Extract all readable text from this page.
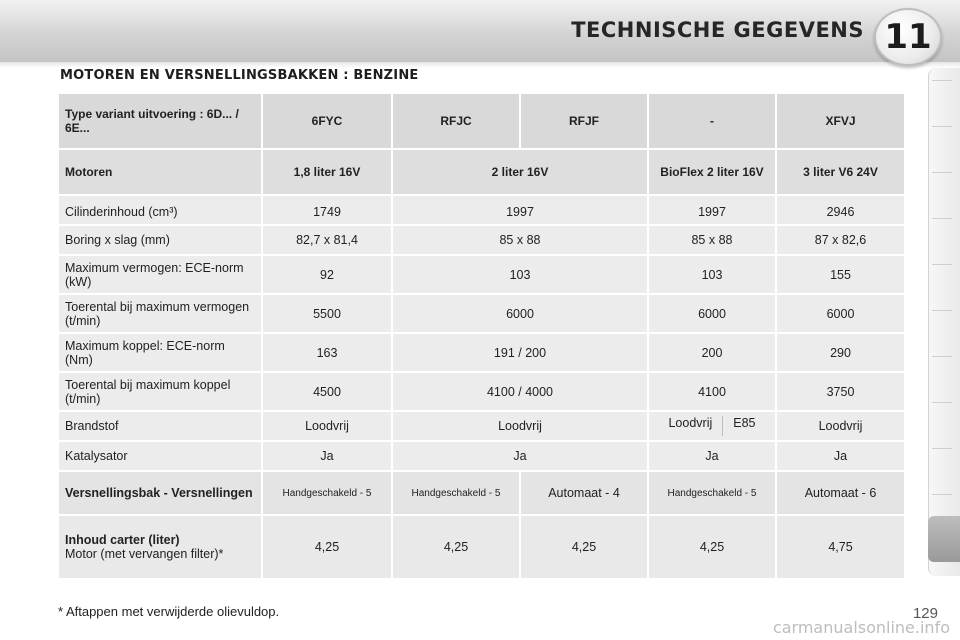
TECHNISCHE GEGEVENS 11
MOTOREN EN VERSNELLINGSBAKKEN : BENZINE
Type variant uitvoering : 6D... / 6E...	6FYC	RFJC	RFJF	-	XFVJ
Motoren	1,8 liter 16V	2 liter 16V		BioFlex 2 liter 16V	3 liter V6 24V
Cilinderinhoud (cm³)	1749	1997		1997	2946
Boring x slag (mm)	82,7 x 81,4	85 x 88		85 x 88	87 x 82,6
Maximum vermogen: ECE-norm (kW)	92	103		103	155
Toerental bij maximum vermogen (t/min)	5500	6000		6000	6000
Maximum koppel: ECE-norm (Nm)	163	191 / 200		200	290
Toerental bij maximum koppel (t/min)	4500	4100 / 4000		4100	3750
Brandstof	Loodvrij	Loodvrij		Loodvrij E85	Loodvrij
Katalysator	Ja	Ja		Ja	Ja
Versnellingsbak - Versnellingen	Handgeschakeld - 5	Handgeschakeld - 5	Automaat - 4	Handgeschakeld - 5	Automaat - 6

Inhoud carter (liter)
Motor (met vervangen filter)*	4,25	4,25	4,25	4,25	4,75
* Aftappen met verwijderde olievuldop.	129
carmanualsonline.info
